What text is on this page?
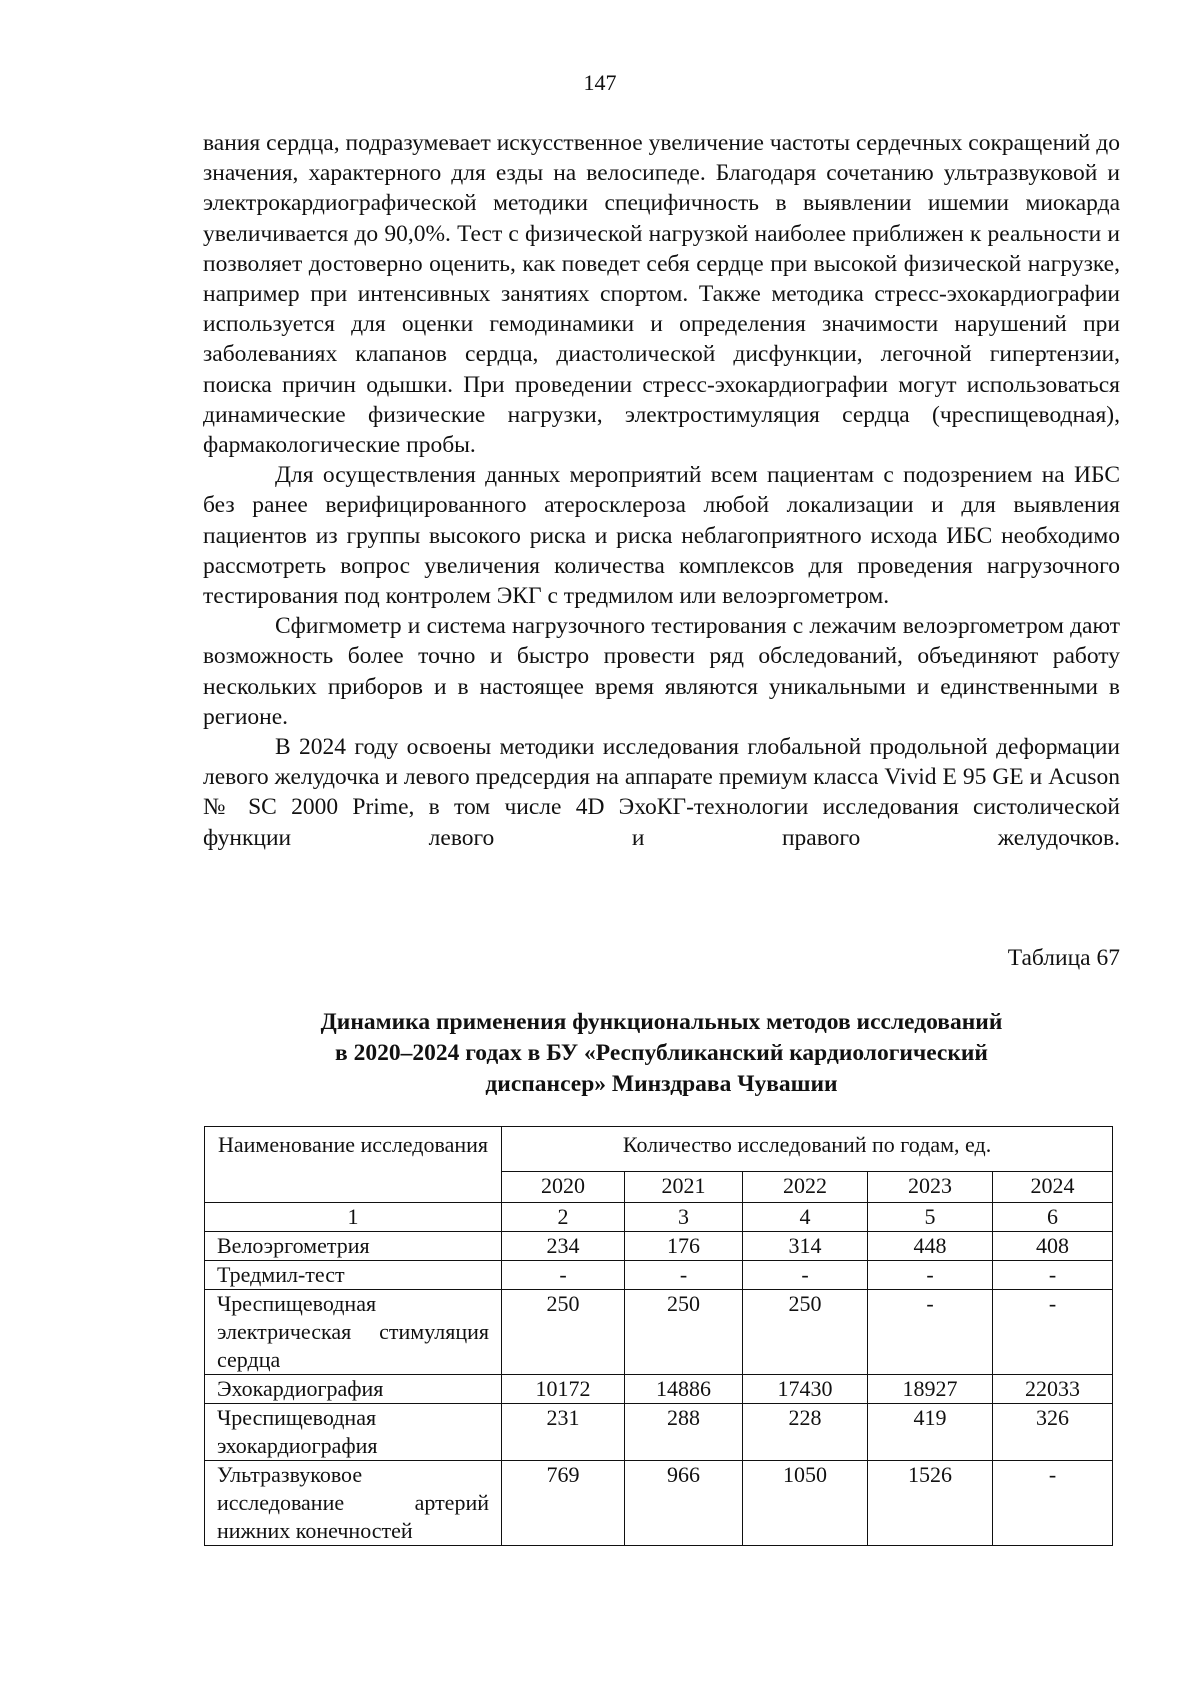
147

вания сердца, подразумевает искусственное увеличение частоты сердечных сокращений до значения, характерного для езды на велосипеде. Благодаря сочетанию ультразвуковой и электрокардиографической методики специфичность в выявлении ишемии миокарда увеличивается до 90,0%. Тест с физической нагрузкой наиболее приближен к реальности и позволяет достоверно оценить, как поведет себя сердце при высокой физической нагрузке, например при интенсивных занятиях спортом. Также методика стресс-эхокардиографии используется для оценки гемодинамики и определения значимости нарушений при заболеваниях клапанов сердца, диастолической дисфункции, легочной гипертензии, поиска причин одышки. При проведении стресс-эхокардиографии могут использоваться динамические физические нагрузки, электростимуляция сердца (чреспищеводная), фармакологические пробы.

Для осуществления данных мероприятий всем пациентам с подозрением на ИБС без ранее верифицированного атеросклероза любой локализации и для выявления пациентов из группы высокого риска и риска неблагоприятного исхода ИБС необходимо рассмотреть вопрос увеличения количества комплексов для проведения нагрузочного тестирования под контролем ЭКГ с тредмилом или велоэргометром.

Сфигмометр и система нагрузочного тестирования с лежачим велоэргометром дают возможность более точно и быстро провести ряд обследований, объединяют работу нескольких приборов и в настоящее время являются уникальными и единственными в регионе.

В 2024 году освоены методики исследования глобальной продольной деформации левого желудочка и левого предсердия на аппарате премиум класса Vivid E 95 GE и Acuson № SC 2000 Prime, в том числе 4D ЭхоКГ-технологии исследования систолической функции левого и правого желудочков.

Таблица 67
Динамика применения функциональных методов исследований
в 2020–2024 годах в БУ «Республиканский кардиологический
диспансер» Минздрава Чувашии
Наименование исследования	Количество исследований по годам, ед.				
	2020	2021	2022	2023	2024
1	2	3	4	5	6
Велоэргометрия	234	176	314	448	408
Тредмил-тест	-	-	-	-	-
Чреспищеводная электрическая стимуляция сердца	250	250	250	-	-
Эхокардиография	10172	14886	17430	18927	22033
Чреспищеводная эхокардиография	231	288	228	419	326
Ультразвуковое исследование артерий нижних конечностей	769	966	1050	1526	-
